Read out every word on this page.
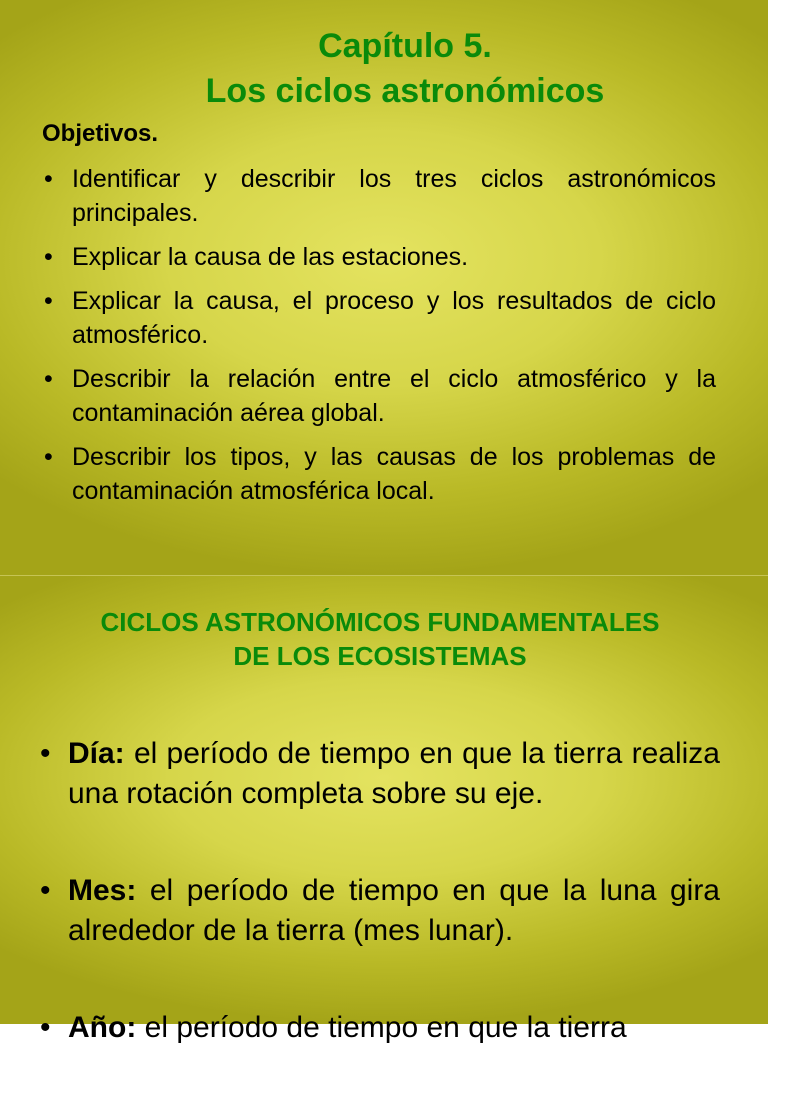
Capítulo 5.
Los ciclos astronómicos
Objetivos.
• Identificar y describir los tres ciclos astronómicos principales.
• Explicar la causa de las estaciones.
• Explicar la causa, el proceso y los resultados de ciclo atmosférico.
• Describir la relación entre el ciclo atmosférico y la contaminación aérea global.
• Describir los tipos, y las causas de los problemas de contaminación atmosférica local.
CICLOS ASTRONÓMICOS FUNDAMENTALES
DE LOS ECOSISTEMAS
• Día: el período de tiempo en que la tierra realiza una rotación completa sobre su eje.
• Mes: el período de tiempo en que la luna gira alrededor de la tierra (mes lunar).
• Año: el período de tiempo en que la tierra
